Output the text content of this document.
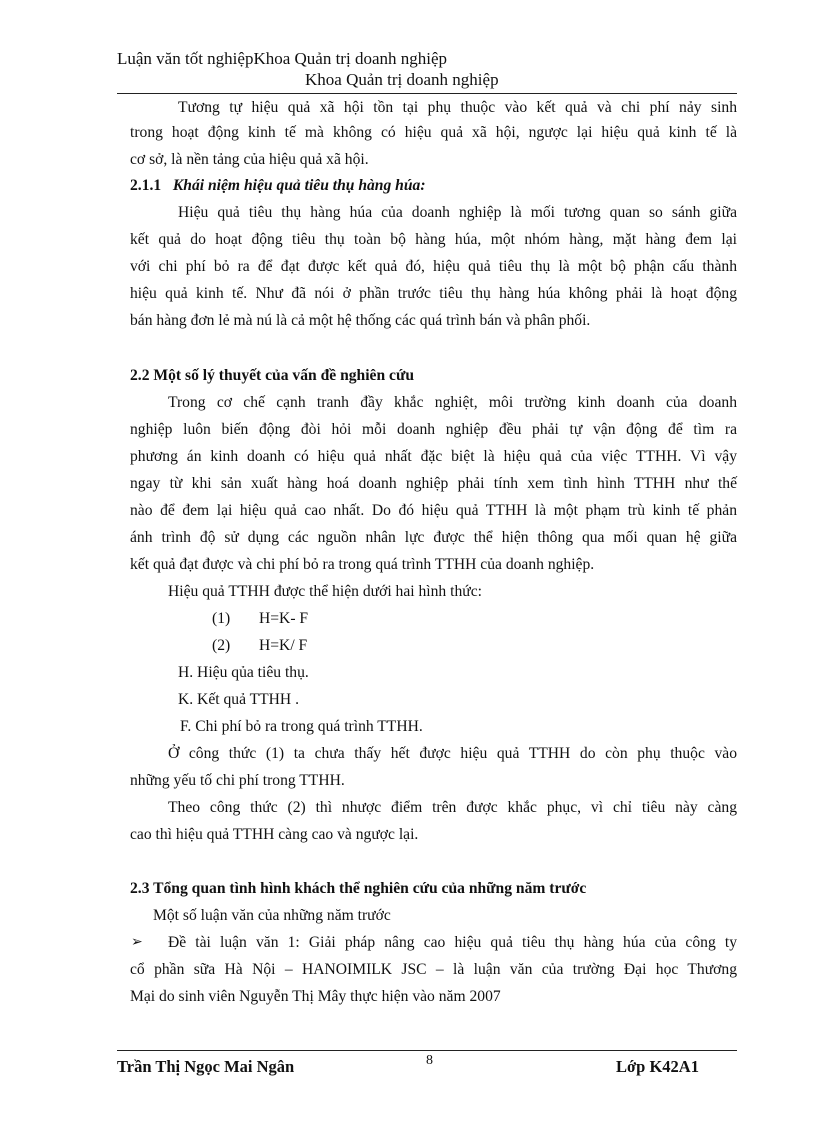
Luận văn tốt nghiệpKhoa Quản trị doanh nghiệp
Khoa Quản trị doanh nghiệp
Tương tự hiệu quả xã hội tồn tại phụ thuộc vào kết quả và chi phí nảy sinh
trong hoạt động kinh tế mà không có hiệu quả xã hội, ngược lại hiệu quả kinh tế là
cơ sở, là nền tảng của hiệu quả xã hội.
2.1.1 Khái niệm hiệu quả tiêu thụ hàng húa:
Hiệu quả tiêu thụ hàng húa của doanh nghiệp là mối tương quan so sánh giữa
kết quả do hoạt động tiêu thụ toàn bộ hàng húa, một nhóm hàng, mặt hàng đem lại
với chi phí bỏ ra để đạt được kết quả đó, hiệu quả tiêu thụ là một bộ phận cấu thành
hiệu quả kinh tế. Như đã nói ở phần trước tiêu thụ hàng húa không phải là hoạt động
bán hàng đơn lẻ mà nú là cả một hệ thống các quá trình bán và phân phối.
2.2 Một số lý thuyết của vấn đề nghiên cứu
Trong cơ chế cạnh tranh đầy khắc nghiệt, môi trường kinh doanh của doanh
nghiệp luôn biến động đòi hỏi mỗi doanh nghiệp đều phải tự vận động để tìm ra
phương án kinh doanh có hiệu quả nhất đặc biệt là hiệu quả của việc TTHH. Vì vậy
ngay từ khi sản xuất hàng hoá doanh nghiệp phải tính xem tình hình TTHH như thế
nào để đem lại hiệu quả cao nhất. Do đó hiệu quả TTHH là một phạm trù kinh tế phản
ánh trình độ sử dụng các nguồn nhân lực được thể hiện thông qua mối quan hệ giữa
kết quả đạt được và chi phí bỏ ra trong quá trình TTHH của doanh nghiệp.
Hiệu quả TTHH được thể hiện dưới hai hình thức:
(1) H=K- F
(2) H=K/ F
H. Hiệu qủa tiêu thụ.
K. Kết quả TTHH .
F. Chi phí bỏ ra trong quá trình TTHH.
Ở công thức (1) ta chưa thấy hết được hiệu quả TTHH do còn phụ thuộc vào
những yếu tố chi phí trong TTHH.
Theo công thức (2) thì nhược điểm trên được khắc phục, vì chỉ tiêu này càng
cao thì hiệu quả TTHH càng cao và ngược lại.
2.3 Tổng quan tình hình khách thể nghiên cứu của những năm trước
Một số luận văn của những năm trước
➢ Đề tài luận văn 1: Giải pháp nâng cao hiệu quả tiêu thụ hàng húa của công ty
cổ phần sữa Hà Nội – HANOIMILK JSC – là luận văn của trường Đại học Thương
Mại do sinh viên Nguyễn Thị Mây thực hiện vào năm 2007
Trần Thị Ngọc Mai Ngân	8	Lớp K42A1
